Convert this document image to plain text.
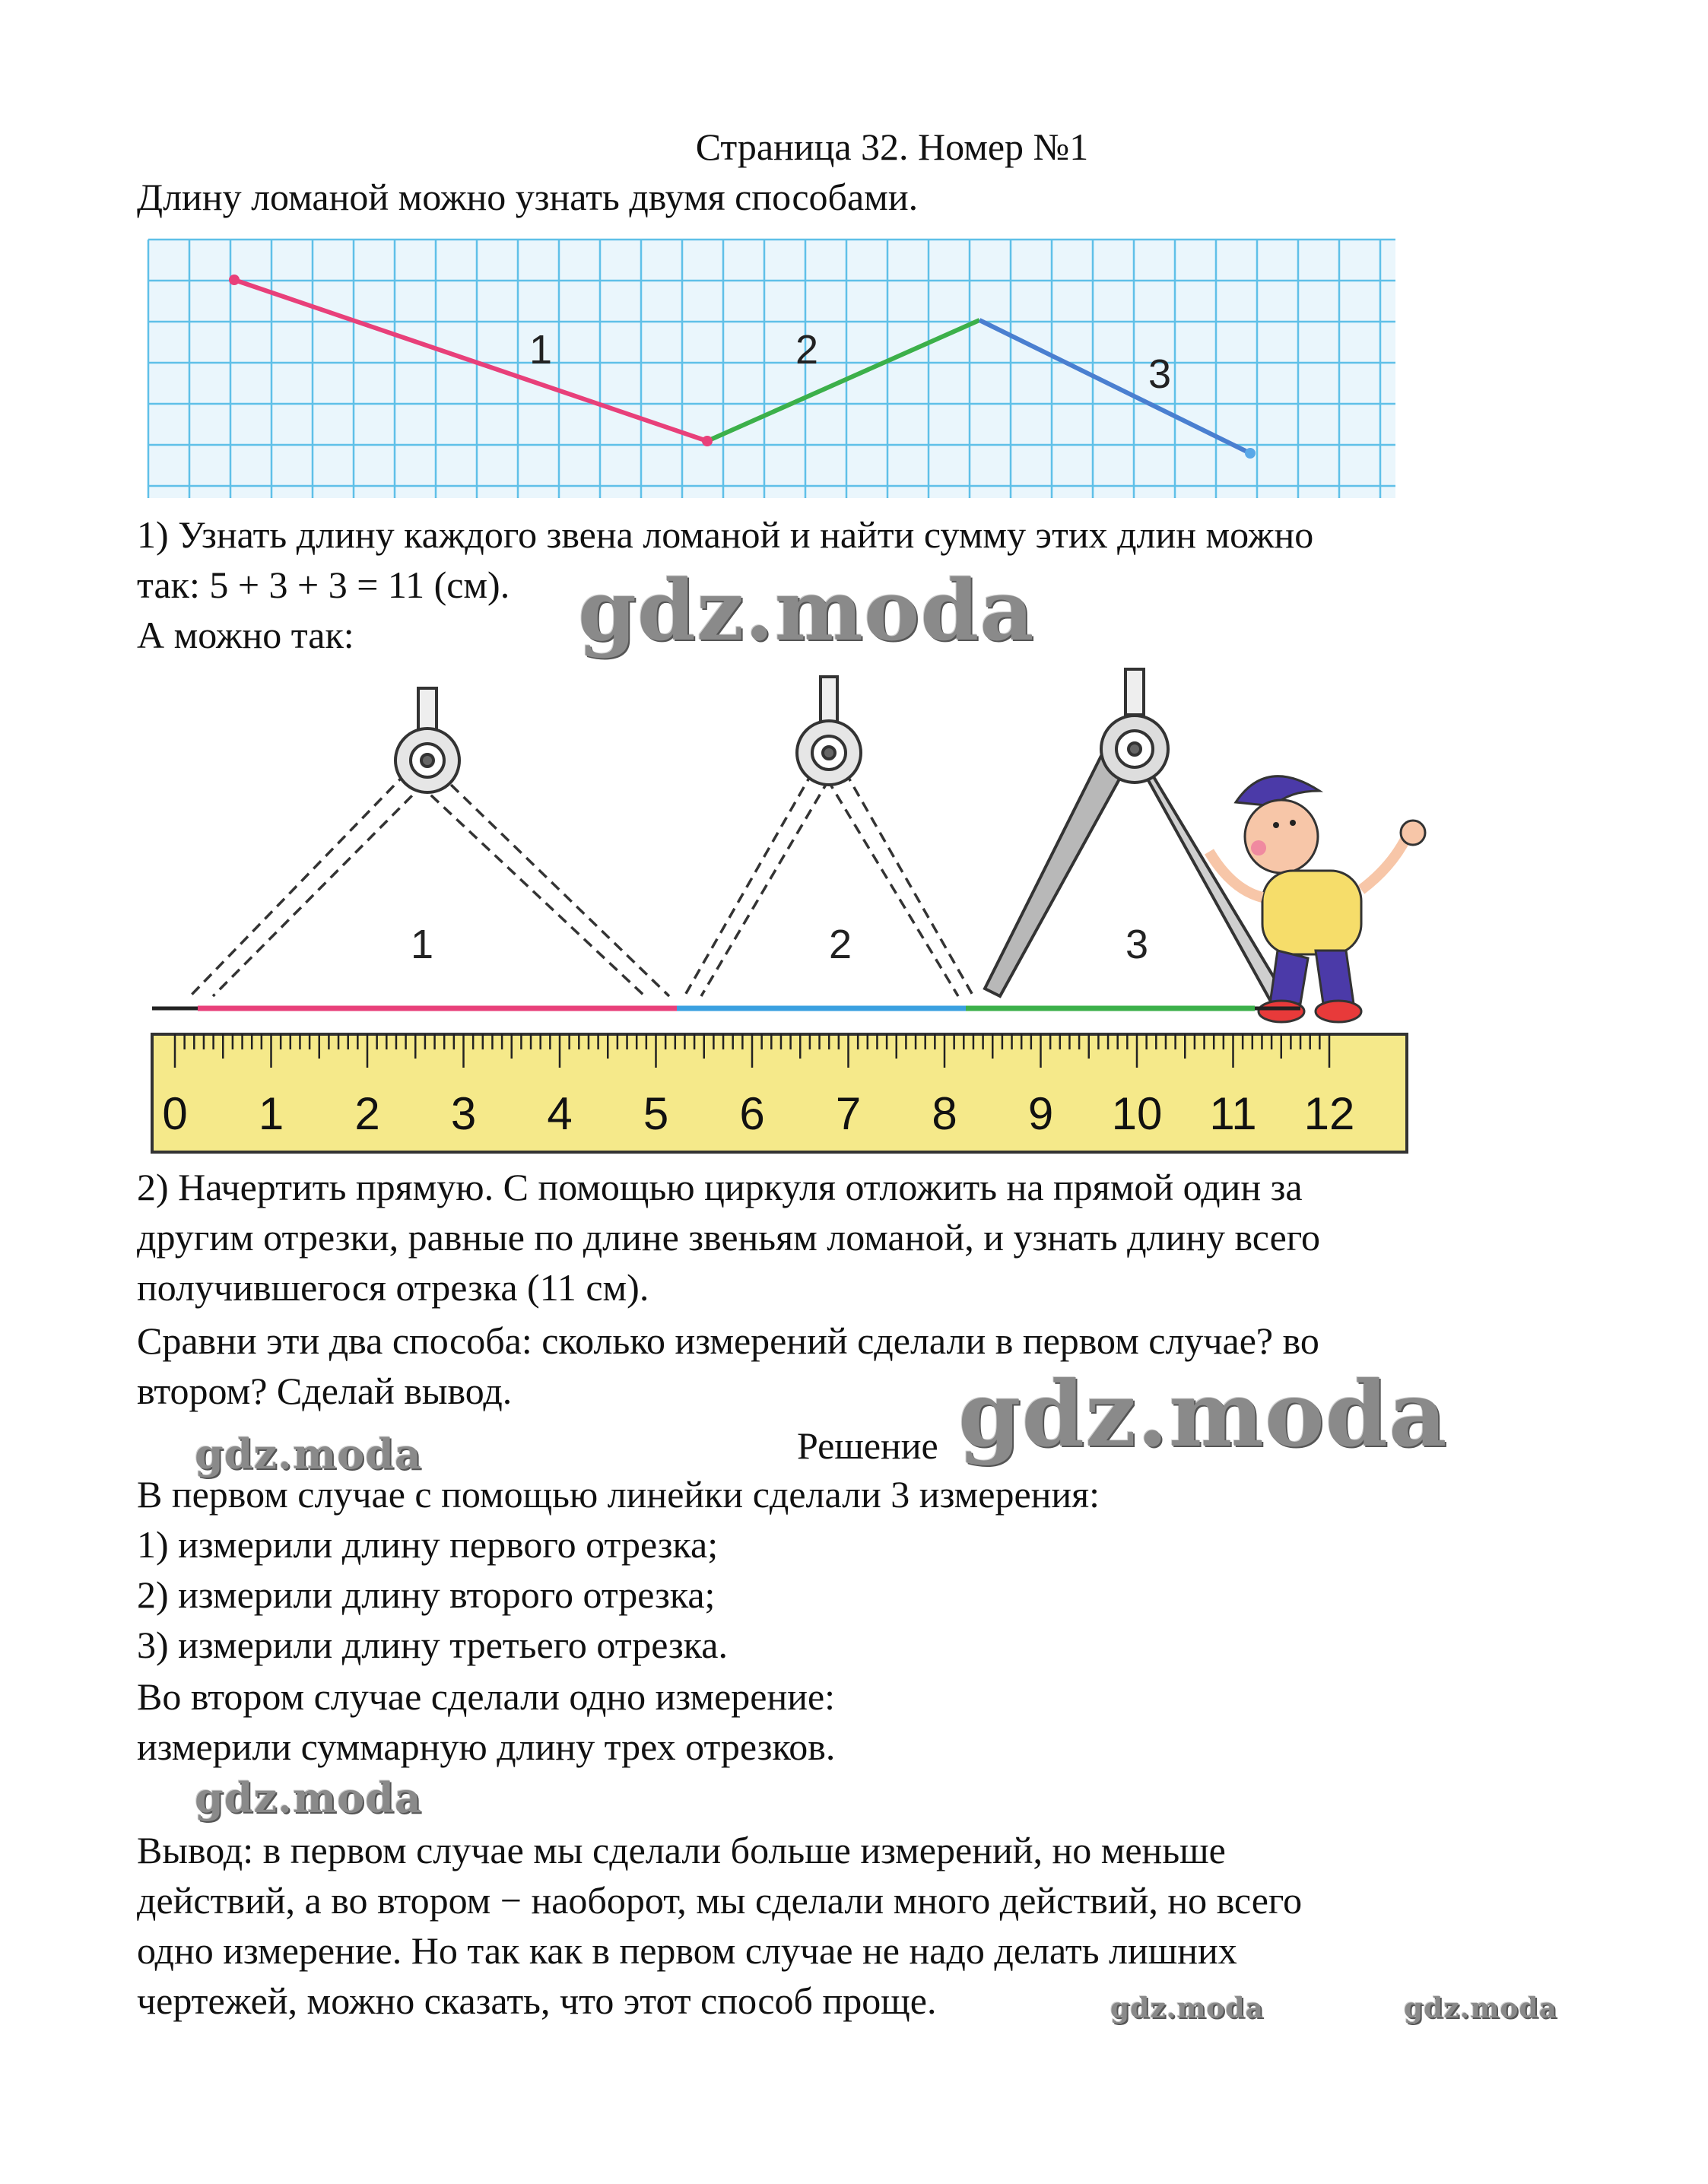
Страница 32. Номер №1
Длину ломаной можно узнать двумя способами.
1	2
3
1) Узнать длину каждого звена ломаной и найти сумму этих длин можно
так: 5 + 3 + 3 = 11 (см).
А можно так:
1	2	3
0 1 2 3 4 5 6 7 8 9 10 11 12
2) Начертить прямую. С помощью циркуля отложить на прямой один за
другим отрезки, равные по длине звеньям ломаной, и узнать длину всего
получившегося отрезка (11 см).
Сравни эти два способа: сколько измерений сделали в первом случае? во
втором? Сделай вывод.
Решение
В первом случае с помощью линейки сделали 3 измерения:
1) измерили длину первого отрезка;
2) измерили длину второго отрезка;
3) измерили длину третьего отрезка.
Во втором случае сделали одно измерение:
измерили суммарную длину трех отрезков.
Вывод: в первом случае мы сделали больше измерений, но меньше
действий, а во втором − наоборот, мы сделали много действий, но всего
одно измерение. Но так как в первом случае не надо делать лишних
чертежей, можно сказать, что этот способ проще.
gdz.moda
gdz.moda
gdz.moda
gdz.moda
gdz.moda	gdz.moda
